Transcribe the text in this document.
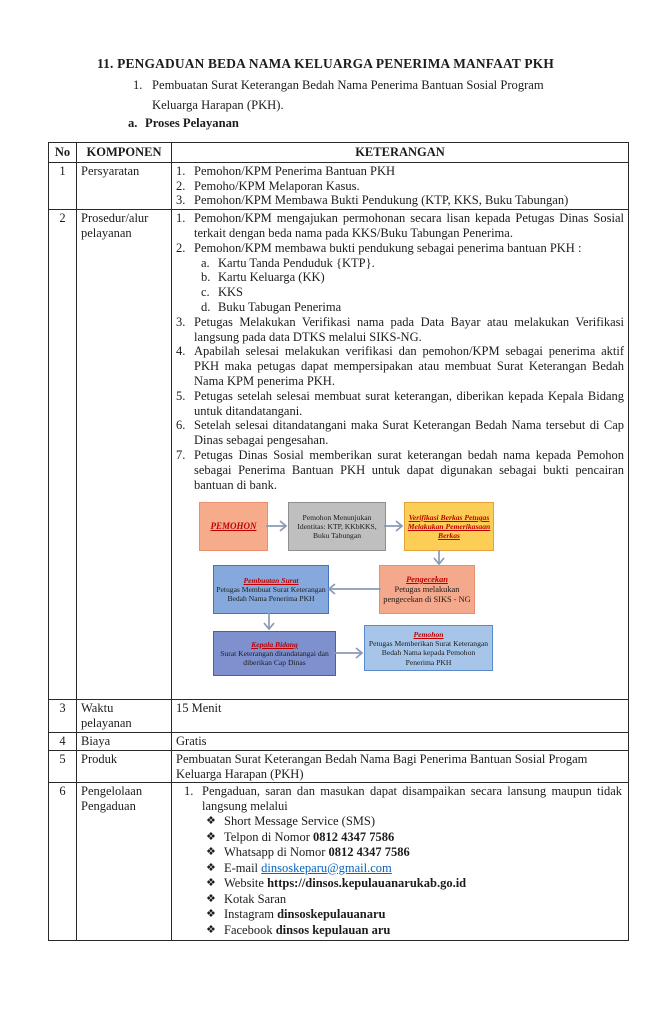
11. PENGADUAN BEDA NAMA KELUARGA PENERIMA MANFAAT PKH
1. Pembuatan Surat Keterangan Bedah Nama Penerima Bantuan Sosial Program Keluarga Harapan (PKH).
a. Proses Pelayanan
No	KOMPONEN	KETERANGAN
1	Persyaratan	1. Pemohon/KPM Penerima Bantuan PKH
2. Pemoho/KPM Melaporan Kasus.
3. Pemohon/KPM Membawa Bukti Pendukung (KTP, KKS, Buku Tabungan)

2	Prosedur/alur pelayanan	
1. Pemohon/KPM mengajukan permohonan secara lisan kepada Petugas Dinas Sosial terkait dengan beda nama pada KKS/Buku Tabungan Penerima.
2. Pemohon/KPM membawa bukti pendukung sebagai penerima bantuan PKH :
a. Kartu Tanda Penduduk {KTP}.
b. Kartu Keluarga (KK)
c. KKS
d. Buku Tabugan Penerima
3. Petugas Melakukan Verifikasi nama pada Data Bayar atau melakukan Verifikasi langsung pada data DTKS melalui SIKS-NG.
4. Apabilah selesai melakukan verifikasi dan pemohon/KPM sebagai penerima aktif PKH maka petugas dapat mempersipakan atau membuat Surat Keterangan Bedah Nama KPM penerima PKH.
5. Petugas setelah selesai membuat surat keterangan, diberikan kepada Kepala Bidang untuk ditandatangani.
6. Setelah selesai ditandatangani maka Surat Keterangan Bedah Nama tersebut di Cap Dinas sebagai pengesahan.
7. Petugas Dinas Sosial memberikan surat keterangan bedah nama kepada Pemohon sebagai Penerima Bantuan PKH untuk dapat digunakan sebagai bukti pencairan bantuan di bank.
PEMOHON
Pemohon Menunjukan Identitas: KTP, KKbKKS, Buku Tabungan
Verifikasi Berkas Petugas Melakukan Pemerikasaan Berkas
Pembuatan Surat
Petugas Membuat Surat Keterangan Bedah Nama Penerima PKH
Pengecekan
Petugas melakukan pengecekan di SIKS - NG
Kepala Bidang
Surat Keterangan ditandatangai dan diberikan Cap Dinas
Pemohon
Petugas Memberikan Surat Keterangan Bedah Nama kepada Pemohon Penerima PKH

3	Waktu pelayanan	15 Menit
4	Biaya	Gratis
5	Produk	Pembuatan Surat Keterangan Bedah Nama Bagi Penerima Bantuan Sosial Progam Keluarga Harapan (PKH)
6	Pengelolaan Pengaduan	
1. Pengaduan, saran dan masukan dapat disampaikan secara lansung maupun tidak langsung melalui
❖ Short Message Service (SMS)
❖ Telpon di Nomor 0812 4347 7586
❖ Whatsapp di Nomor 0812 4347 7586
❖ E-mail dinsoskeparu@gmail.com
❖ Website https://dinsos.kepulauanarukab.go.id
❖ Kotak Saran
❖ Instagram dinsoskepulauanaru
❖ Facebook dinsos kepulauan aru
